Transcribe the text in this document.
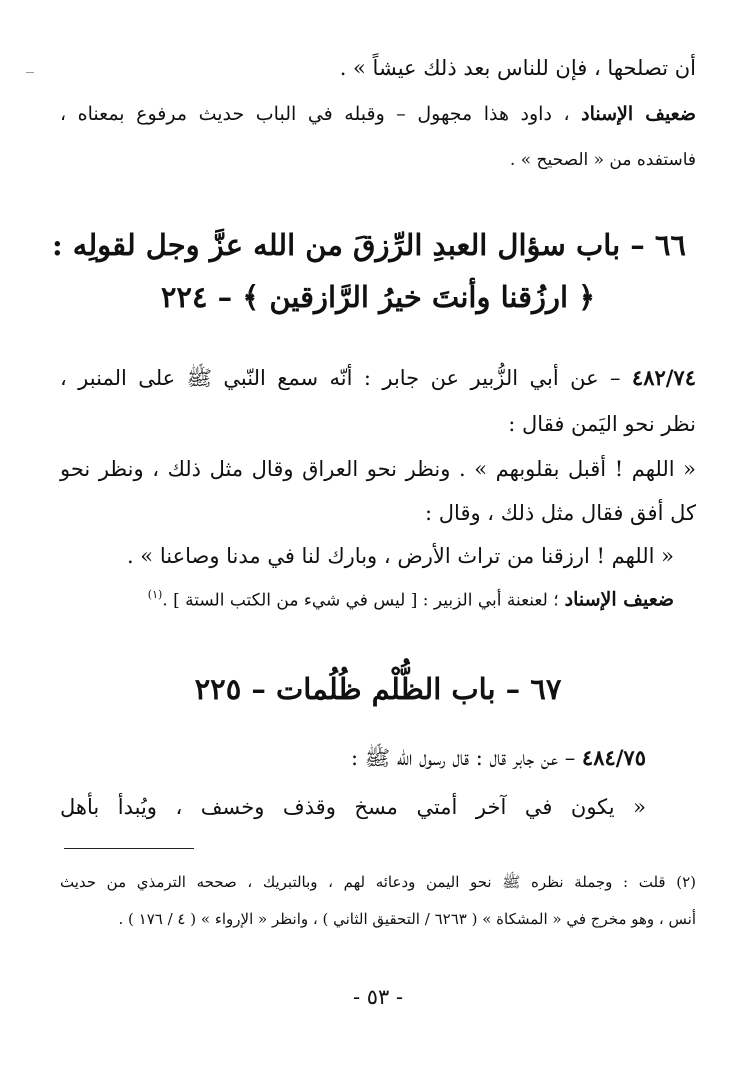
أن تصلحها ، فإن للناس بعد ذلك عيشاً » .
ضعيف الإسناد ، داود هذا مجهول – وقبله في الباب حديث مرفوع بمعناه ،
فاستفده من « الصحيح » .
٦٦ – باب سؤال العبدِ الرِّزقَ من الله عزَّ وجل لقولِه :
﴿ ارزُقنا وأنتَ خيرُ الرَّازقين ﴾ – ٢٢٤
٤٨٢/٧٤ – عن أبي الزُّبير عن جابر : أنّه سمع النّبي ﷺ على المنبر ،
نظر نحو اليَمن فقال :
« اللهم ! أقبل بقلوبهم » . ونظر نحو العراق وقال مثل ذلك ، ونظر نحو
كل أفق فقال مثل ذلك ، وقال :
« اللهم ! ارزقنا من تراث الأرض ، وبارك لنا في مدنا وصاعنا » .
ضعيف الإسناد ؛ لعنعنة أبي الزبير : [ ليس في شيء من الكتب الستة ] .$^{(١)}$
٦٧ – باب الظُّلْم ظُلُمات – ٢٢٥
٤٨٤/٧٥ – عن جابر قال : قال رسول الله ﷺ :
« يكون في آخر أمتي مسخ وقذف وخسف ، ويُبدأ بأهل
(٢) قلت : وجملة نظره ﷺ نحو اليمن ودعائه لهم ، وبالتبريك ، صححه الترمذي من حديث
أنس ، وهو مخرج في « المشكاة » ( ٦٢٦٣ / التحقيق الثاني ) ، وانظر « الإرواء » ( ٤ / ١٧٦ ) .
- ٥٣ -
